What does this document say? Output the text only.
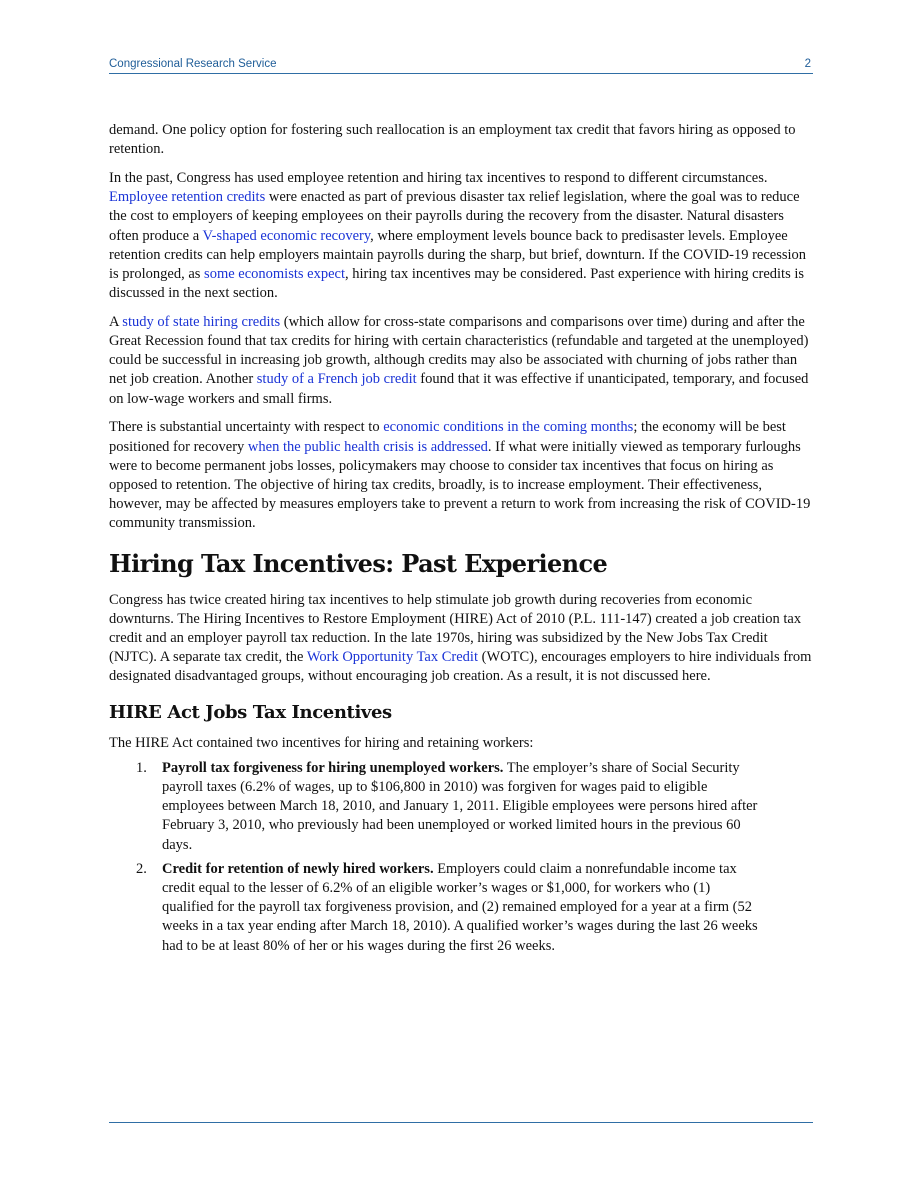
Congressional Research Service	2

demand. One policy option for fostering such reallocation is an employment tax credit that favors hiring as opposed to retention.

In the past, Congress has used employee retention and hiring tax incentives to respond to different circumstances. Employee retention credits were enacted as part of previous disaster tax relief legislation, where the goal was to reduce the cost to employers of keeping employees on their payrolls during the recovery from the disaster. Natural disasters often produce a V-shaped economic recovery, where employment levels bounce back to predisaster levels. Employee retention credits can help employers maintain payrolls during the sharp, but brief, downturn. If the COVID-19 recession is prolonged, as some economists expect, hiring tax incentives may be considered. Past experience with hiring credits is discussed in the next section.

A study of state hiring credits (which allow for cross-state comparisons and comparisons over time) during and after the Great Recession found that tax credits for hiring with certain characteristics (refundable and targeted at the unemployed) could be successful in increasing job growth, although credits may also be associated with churning of jobs rather than net job creation. Another study of a French job credit found that it was effective if unanticipated, temporary, and focused on low-wage workers and small firms.

There is substantial uncertainty with respect to economic conditions in the coming months; the economy will be best positioned for recovery when the public health crisis is addressed. If what were initially viewed as temporary furloughs were to become permanent jobs losses, policymakers may choose to consider tax incentives that focus on hiring as opposed to retention. The objective of hiring tax credits, broadly, is to increase employment. Their effectiveness, however, may be affected by measures employers take to prevent a return to work from increasing the risk of COVID-19 community transmission.

Hiring Tax Incentives: Past Experience

Congress has twice created hiring tax incentives to help stimulate job growth during recoveries from economic downturns. The Hiring Incentives to Restore Employment (HIRE) Act of 2010 (P.L. 111-147) created a job creation tax credit and an employer payroll tax reduction. In the late 1970s, hiring was subsidized by the New Jobs Tax Credit (NJTC). A separate tax credit, the Work Opportunity Tax Credit (WOTC), encourages employers to hire individuals from designated disadvantaged groups, without encouraging job creation. As a result, it is not discussed here.

HIRE Act Jobs Tax Incentives

The HIRE Act contained two incentives for hiring and retaining workers:

1. Payroll tax forgiveness for hiring unemployed workers. The employer’s share of Social Security payroll taxes (6.2% of wages, up to $106,800 in 2010) was forgiven for wages paid to eligible employees between March 18, 2010, and January 1, 2011. Eligible employees were persons hired after February 3, 2010, who previously had been unemployed or worked limited hours in the previous 60 days.
2. Credit for retention of newly hired workers. Employers could claim a nonrefundable income tax credit equal to the lesser of 6.2% of an eligible worker’s wages or $1,000, for workers who (1) qualified for the payroll tax forgiveness provision, and (2) remained employed for a year at a firm (52 weeks in a tax year ending after March 18, 2010). A qualified worker’s wages during the last 26 weeks had to be at least 80% of her or his wages during the first 26 weeks.
